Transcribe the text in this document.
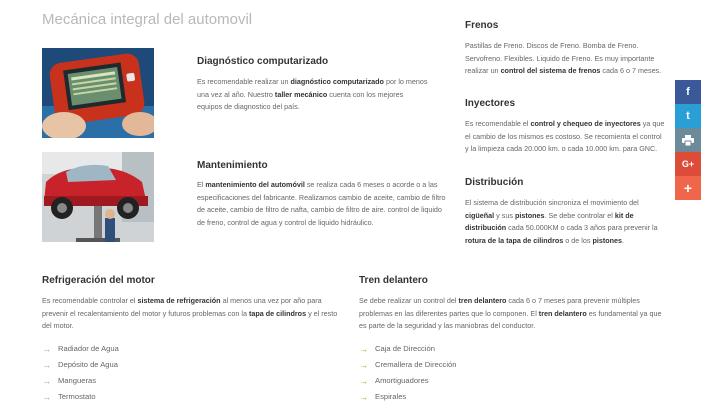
Mecánica integral del automovil
Diagnóstico computarizado

Es recomendable realizar un diagnóstico computarizado por lo menos una vez al año. Nuestro taller mecánico cuenta con los mejores equipos de diagnostico del país.

Mantenimiento

El mantenimiento del automóvil se realiza cada 6 meses o acorde o a las especificaciones del fabricante. Realizamos cambio de aceite, cambio de filtro de aceite, cambio de filtro de nafta, cambio de filtro de aire. control de liquido de freno, control de agua y control de liquido hidráulico.

Frenos

Pastillas de Freno. Discos de Freno. Bomba de Freno. Servofreno. Flexibles. Liquido de Freno. Es muy importante realizar un control del sistema de frenos cada 6 o 7 meses.

Inyectores

Es recomendable el control y chequeo de inyectores ya que el cambio de los mismos es costoso. Se recomienta el control y la limpieza cada 20.000 km. o cada 10.000 km. para GNC.

Distribución

El sistema de distribución sincroniza el movimiento del cigüeñal y sus pistones. Se debe controlar el kit de distribución cada 50.000KM o cada 3 años para prevenir la rotura de la tapa de cilindros o de los pistones.

Refrigeración del motor

Es recomendable controlar el sistema de refrigeración al menos una vez por año para prevenir el recalentamiento del motor y futuros problemas con la tapa de cilindros y el resto del motor.

→ Radiador de Agua
→ Depósito de Agua
→ Mangueras
→ Termostato
Tren delantero

Se debe realizar un control del tren delantero cada 6 o 7 meses para prevenir múltiples problemas en las diferentes partes que lo componen. El tren delantero es fundamental ya que es parte de la seguridad y las maniobras del conductor.

→ Caja de Dirección
→ Cremallera de Dirección
→ Amortiguadores
→ Espirales
f
t
G+
+
